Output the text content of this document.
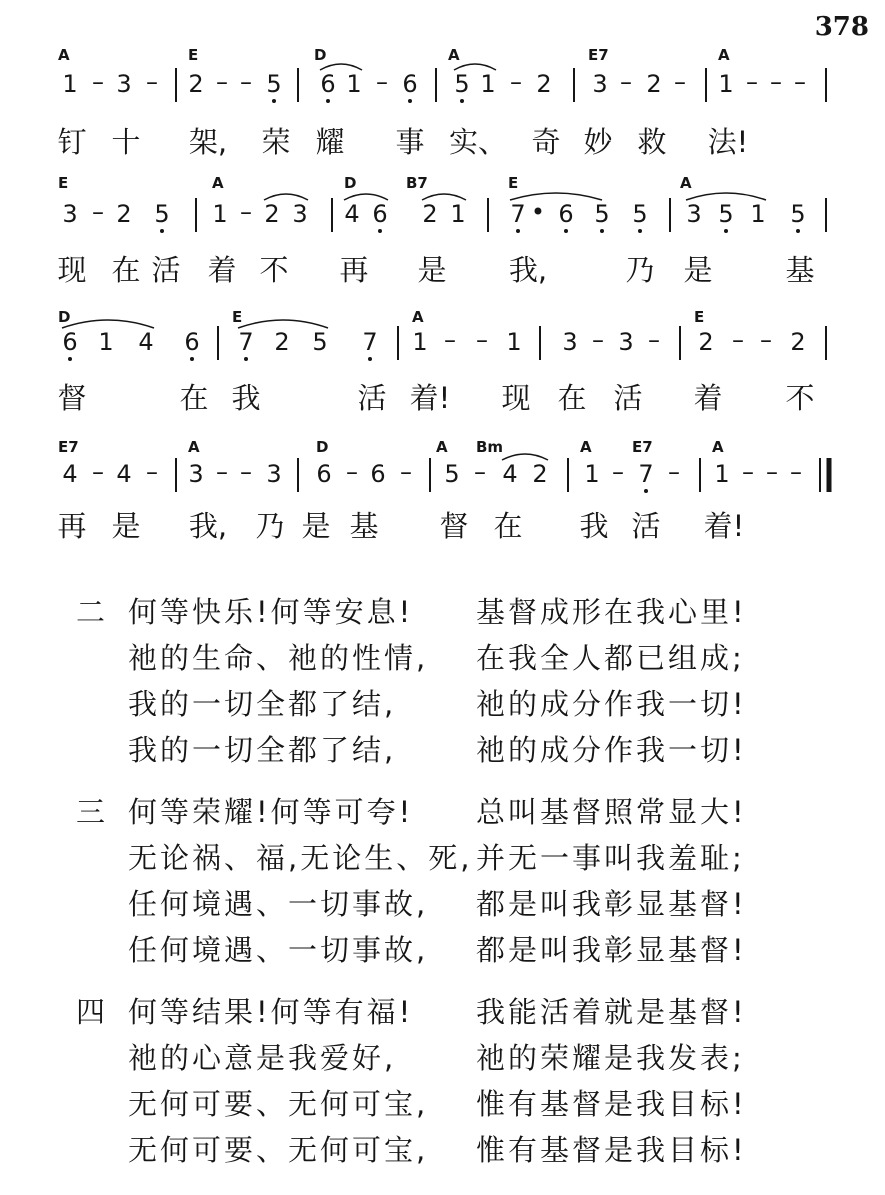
378
A	E	D	A	E7	A
1 – 3 – 2 – – 5 6 1 – 6 5 1 – 2 3 – 2 – 1 – – –
钉 十 架, 荣 耀 事 实、 奇 妙 救 法!
E	A	D	B7	E	A
3 – 2 5 1 – 2 3 4 6 2 1 7 • 6 5 5 3 5 1 5
现 在 活 着 不 再 是 我,	乃 是	基
D	E	A	E
6 1 4 6 7 2 5 7 1 – – 1 3 – 3 – 2 – – 2
督	在 我	活 着! 现 在 活 着 不
E7	A	D	A Bm	A	E7	A
4 – 4 – 3 – – 3 6 – 6 – 5 – 4 2 1 – 7 – 1 – – –
再 是 我, 乃 是 基 督 在 我 活 着!
二 何等快乐!何等安息! 基督成形在我心里!
祂的生命、祂的性情, 在我全人都已组成;
我的一切全都了结,	祂的成分作我一切!
我的一切全都了结,	祂的成分作我一切!
三 何等荣耀!何等可夸! 总叫基督照常显大!
无论祸、福,无论生、死, 并无一事叫我羞耻;
任何境遇、一切事故, 都是叫我彰显基督!
任何境遇、一切事故, 都是叫我彰显基督!
四 何等结果!何等有福! 我能活着就是基督!
祂的心意是我爱好,	祂的荣耀是我发表;
无何可要、无何可宝, 惟有基督是我目标!
无何可要、无何可宝, 惟有基督是我目标!
